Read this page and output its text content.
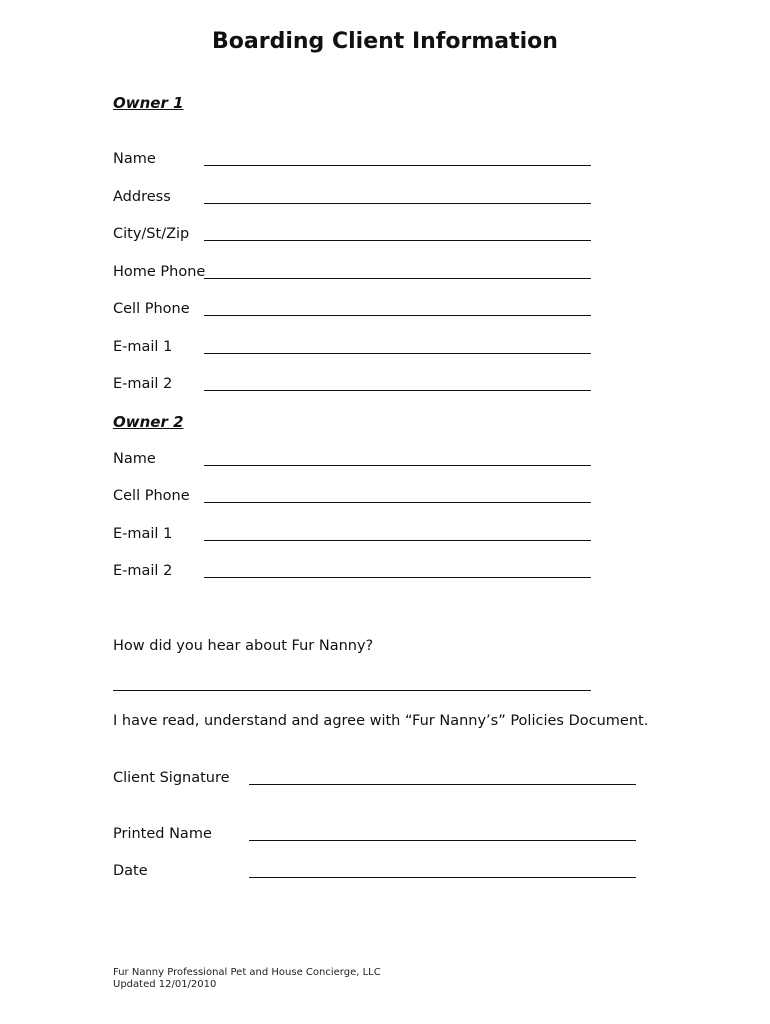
Boarding Client Information
Owner 1
Name
Address
City/St/Zip
Home Phone
Cell Phone
E-mail 1
E-mail 2
Owner 2
Name
Cell Phone
E-mail 1
E-mail 2
How did you hear about Fur Nanny?
I have read, understand and agree with “Fur Nanny’s” Policies Document.
Client Signature
Printed Name
Date
Fur Nanny Professional Pet and House Concierge, LLC
Updated 12/01/2010
